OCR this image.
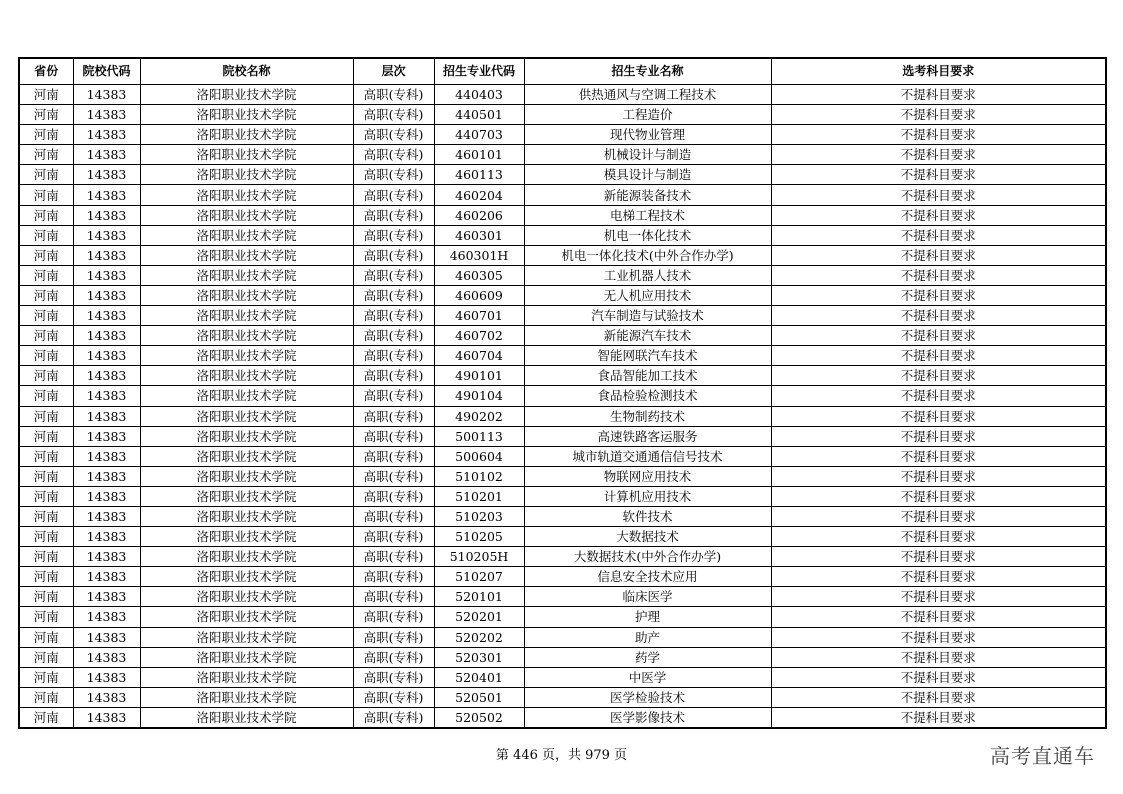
省份	院校代码	院校名称	层次	招生专业代码	招生专业名称	选考科目要求
河南	14383	洛阳职业技术学院	高职(专科)	440403	供热通风与空调工程技术	不提科目要求
河南	14383	洛阳职业技术学院	高职(专科)	440501	工程造价	不提科目要求
河南	14383	洛阳职业技术学院	高职(专科)	440703	现代物业管理	不提科目要求
河南	14383	洛阳职业技术学院	高职(专科)	460101	机械设计与制造	不提科目要求
河南	14383	洛阳职业技术学院	高职(专科)	460113	模具设计与制造	不提科目要求
河南	14383	洛阳职业技术学院	高职(专科)	460204	新能源装备技术	不提科目要求
河南	14383	洛阳职业技术学院	高职(专科)	460206	电梯工程技术	不提科目要求
河南	14383	洛阳职业技术学院	高职(专科)	460301	机电一体化技术	不提科目要求
河南	14383	洛阳职业技术学院	高职(专科)	460301H	机电一体化技术(中外合作办学)	不提科目要求
河南	14383	洛阳职业技术学院	高职(专科)	460305	工业机器人技术	不提科目要求
河南	14383	洛阳职业技术学院	高职(专科)	460609	无人机应用技术	不提科目要求
河南	14383	洛阳职业技术学院	高职(专科)	460701	汽车制造与试验技术	不提科目要求
河南	14383	洛阳职业技术学院	高职(专科)	460702	新能源汽车技术	不提科目要求
河南	14383	洛阳职业技术学院	高职(专科)	460704	智能网联汽车技术	不提科目要求
河南	14383	洛阳职业技术学院	高职(专科)	490101	食品智能加工技术	不提科目要求
河南	14383	洛阳职业技术学院	高职(专科)	490104	食品检验检测技术	不提科目要求
河南	14383	洛阳职业技术学院	高职(专科)	490202	生物制药技术	不提科目要求
河南	14383	洛阳职业技术学院	高职(专科)	500113	高速铁路客运服务	不提科目要求
河南	14383	洛阳职业技术学院	高职(专科)	500604	城市轨道交通通信信号技术	不提科目要求
河南	14383	洛阳职业技术学院	高职(专科)	510102	物联网应用技术	不提科目要求
河南	14383	洛阳职业技术学院	高职(专科)	510201	计算机应用技术	不提科目要求
河南	14383	洛阳职业技术学院	高职(专科)	510203	软件技术	不提科目要求
河南	14383	洛阳职业技术学院	高职(专科)	510205	大数据技术	不提科目要求
河南	14383	洛阳职业技术学院	高职(专科)	510205H	大数据技术(中外合作办学)	不提科目要求
河南	14383	洛阳职业技术学院	高职(专科)	510207	信息安全技术应用	不提科目要求
河南	14383	洛阳职业技术学院	高职(专科)	520101	临床医学	不提科目要求
河南	14383	洛阳职业技术学院	高职(专科)	520201	护理	不提科目要求
河南	14383	洛阳职业技术学院	高职(专科)	520202	助产	不提科目要求
河南	14383	洛阳职业技术学院	高职(专科)	520301	药学	不提科目要求
河南	14383	洛阳职业技术学院	高职(专科)	520401	中医学	不提科目要求
河南	14383	洛阳职业技术学院	高职(专科)	520501	医学检验技术	不提科目要求
河南	14383	洛阳职业技术学院	高职(专科)	520502	医学影像技术	不提科目要求
第 446 页，共 979 页	高考直通车
